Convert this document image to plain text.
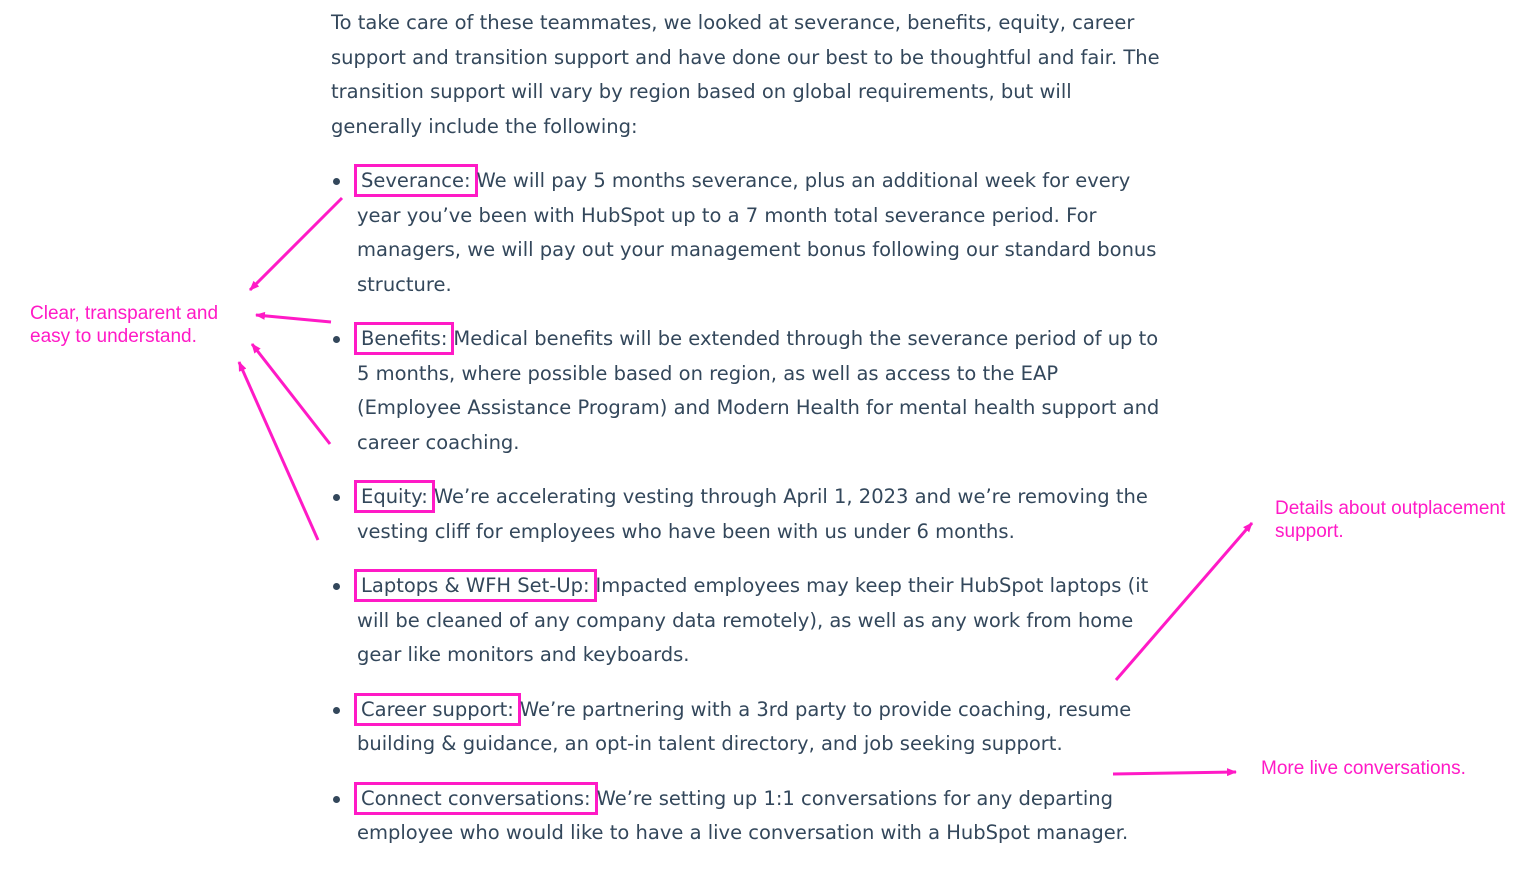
To take care of these teammates, we looked at severance, benefits, equity, career support and transition support and have done our best to be thoughtful and fair. The transition support will vary by region based on global requirements, but will generally include the following:

Severance: We will pay 5 months severance, plus an additional week for every year you’ve been with HubSpot up to a 7 month total severance period. For managers, we will pay out your management bonus following our standard bonus structure.
Benefits: Medical benefits will be extended through the severance period of up to 5 months, where possible based on region, as well as access to the EAP (Employee Assistance Program) and Modern Health for mental health support and career coaching.
Equity: We’re accelerating vesting through April 1, 2023 and we’re removing the vesting cliff for employees who have been with us under 6 months.
Laptops & WFH Set-Up: Impacted employees may keep their HubSpot laptops (it will be cleaned of any company data remotely), as well as any work from home gear like monitors and keyboards.
Career support: We’re partnering with a 3rd party to provide coaching, resume building & guidance, an opt-in talent directory, and job seeking support.
Connect conversations: We’re setting up 1:1 conversations for any departing employee who would like to have a live conversation with a HubSpot manager.
Clear, transparent and easy to understand.
Details about outplacement support.
More live conversations.
